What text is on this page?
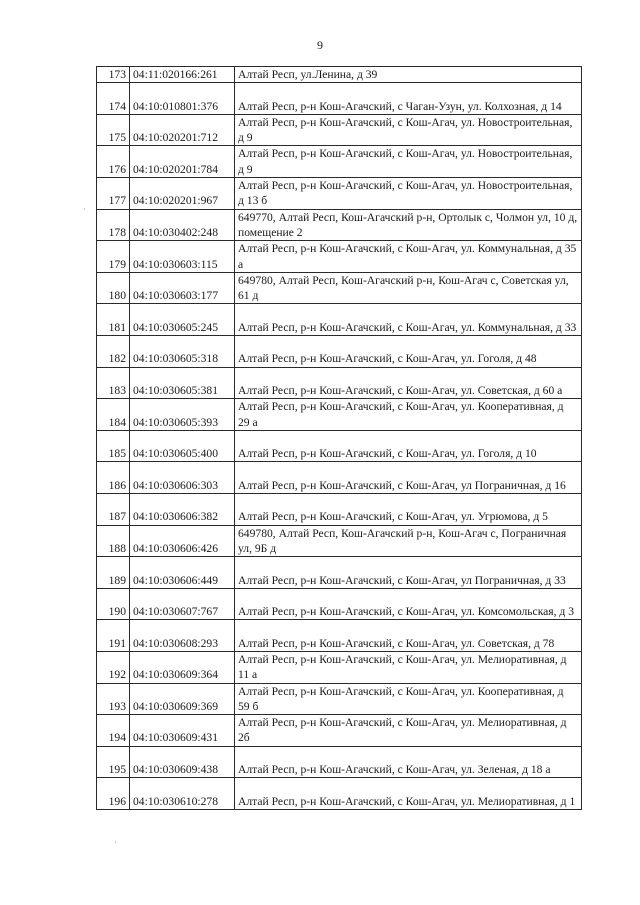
9
173	04:11:020166:261	Алтай Респ, ул.Ленина, д 39
174	04:10:010801:376	Алтай Респ, р-н Кош-Агачский, с Чаган-Узун, ул. Колхозная, д 14
175	04:10:020201:712	Алтай Респ, р-н Кош-Агачский, с Кош-Агач, ул. Новостроительная, д 9
176	04:10:020201:784	Алтай Респ, р-н Кош-Агачский, с Кош-Агач, ул. Новостроительная, д 9
177	04:10:020201:967	Алтай Респ, р-н Кош-Агачский, с Кош-Агач, ул. Новостроительная, д 13 б
178	04:10:030402:248	649770, Алтай Респ, Кош-Агачский р-н, Ортолык с, Чолмон ул, 10 д, помещение 2
179	04:10:030603:115	Алтай Респ, р-н Кош-Агачский, с Кош-Агач, ул. Коммунальная, д 35 а
180	04:10:030603:177	649780, Алтай Респ, Кош-Агачский р-н, Кош-Агач с, Советская ул, 61 д
181	04:10:030605:245	Алтай Респ, р-н Кош-Агачский, с Кош-Агач, ул. Коммунальная, д 33
182	04:10:030605:318	Алтай Респ, р-н Кош-Агачский, с Кош-Агач, ул. Гоголя, д 48
183	04:10:030605:381	Алтай Респ, р-н Кош-Агачский, с Кош-Агач, ул. Советская, д 60 а
184	04:10:030605:393	Алтай Респ, р-н Кош-Агачский, с Кош-Агач, ул. Кооперативная, д 29 а
185	04:10:030605:400	Алтай Респ, р-н Кош-Агачский, с Кош-Агач, ул. Гоголя, д 10
186	04:10:030606:303	Алтай Респ, р-н Кош-Агачский, с Кош-Агач, ул Пограничная, д 16
187	04:10:030606:382	Алтай Респ, р-н Кош-Агачский, с Кош-Агач, ул. Угрюмова, д 5
188	04:10:030606:426	649780, Алтай Респ, Кош-Агачский р-н, Кош-Агач с, Пограничная ул, 9Б д
189	04:10:030606:449	Алтай Респ, р-н Кош-Агачский, с Кош-Агач, ул Пограничная, д 33
190	04:10:030607:767	Алтай Респ, р-н Кош-Агачский, с Кош-Агач, ул. Комсомольская, д 3
191	04:10:030608:293	Алтай Респ, р-н Кош-Агачский, с Кош-Агач, ул. Советская, д 78
192	04:10:030609:364	Алтай Респ, р-н Кош-Агачский, с Кош-Агач, ул. Мелиоративная, д 11 а
193	04:10:030609:369	Алтай Респ, р-н Кош-Агачский, с Кош-Агач, ул. Кооперативная, д 59 б
194	04:10:030609:431	Алтай Респ, р-н Кош-Агачский, с Кош-Агач, ул. Мелиоративная, д 2б
195	04:10:030609:438	Алтай Респ, р-н Кош-Агачский, с Кош-Агач, ул. Зеленая, д 18 а
196	04:10:030610:278	Алтай Респ, р-н Кош-Агачский, с Кош-Агач, ул. Мелиоративная, д 1
·
·
